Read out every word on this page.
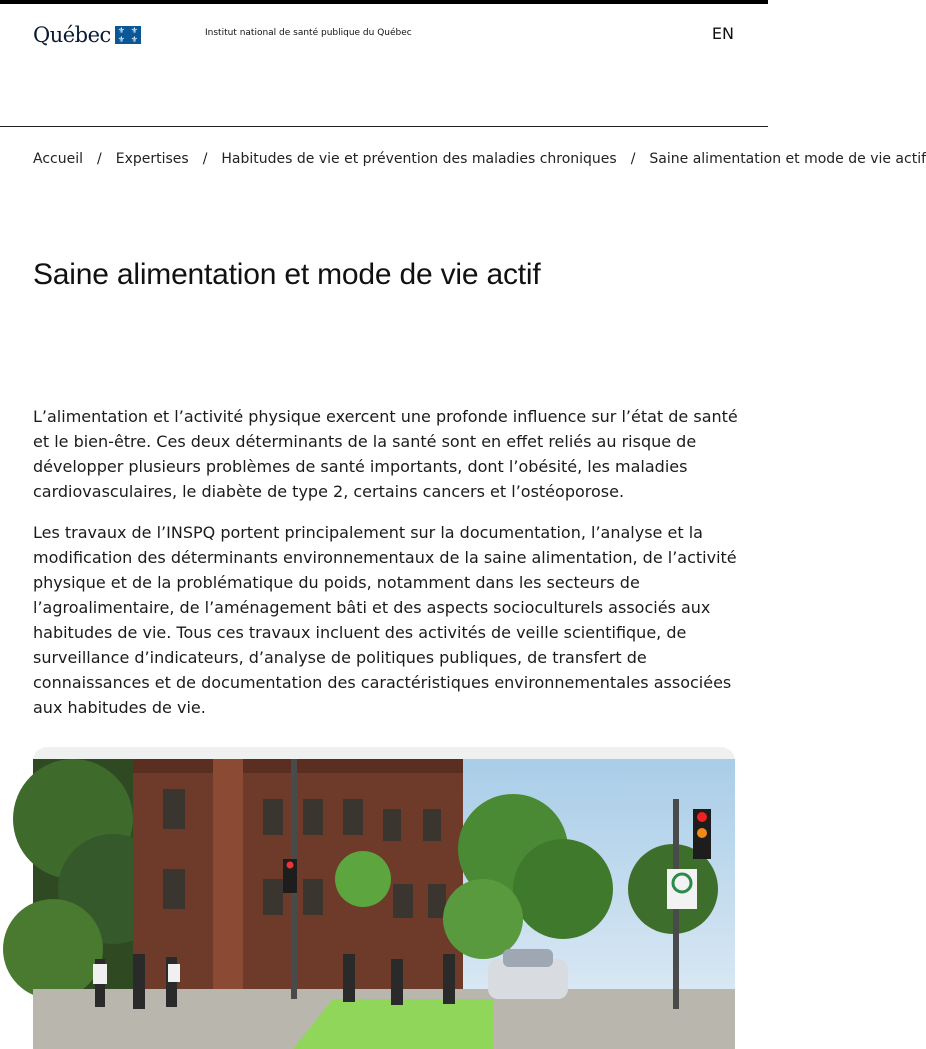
Québec ⚜ ⚜
⚜ ⚜
Institut national de santé publique du Québec	EN
Accueil / Expertises / Habitudes de vie et prévention des maladies chroniques / Saine alimentation et mode de vie actif
Saine alimentation et mode de vie actif

L’alimentation et l’activité physique exercent une profonde influence sur l’état de santé et le bien-être. Ces deux déterminants de la santé sont en effet reliés au risque de développer plusieurs problèmes de santé importants, dont l’obésité, les maladies cardiovasculaires, le diabète de type 2, certains cancers et l’ostéoporose.

Les travaux de l’INSPQ portent principalement sur la documentation, l’analyse et la modification des déterminants environnementaux de la saine alimentation, de l’activité physique et de la problématique du poids, notamment dans les secteurs de l’agroalimentaire, de l’aménagement bâti et des aspects socioculturels associés aux habitudes de vie. Tous ces travaux incluent des activités de veille scientifique, de surveillance d’indicateurs, d’analyse de politiques publiques, de transfert de connaissances et de documentation des caractéristiques environnementales associées aux habitudes de vie.
